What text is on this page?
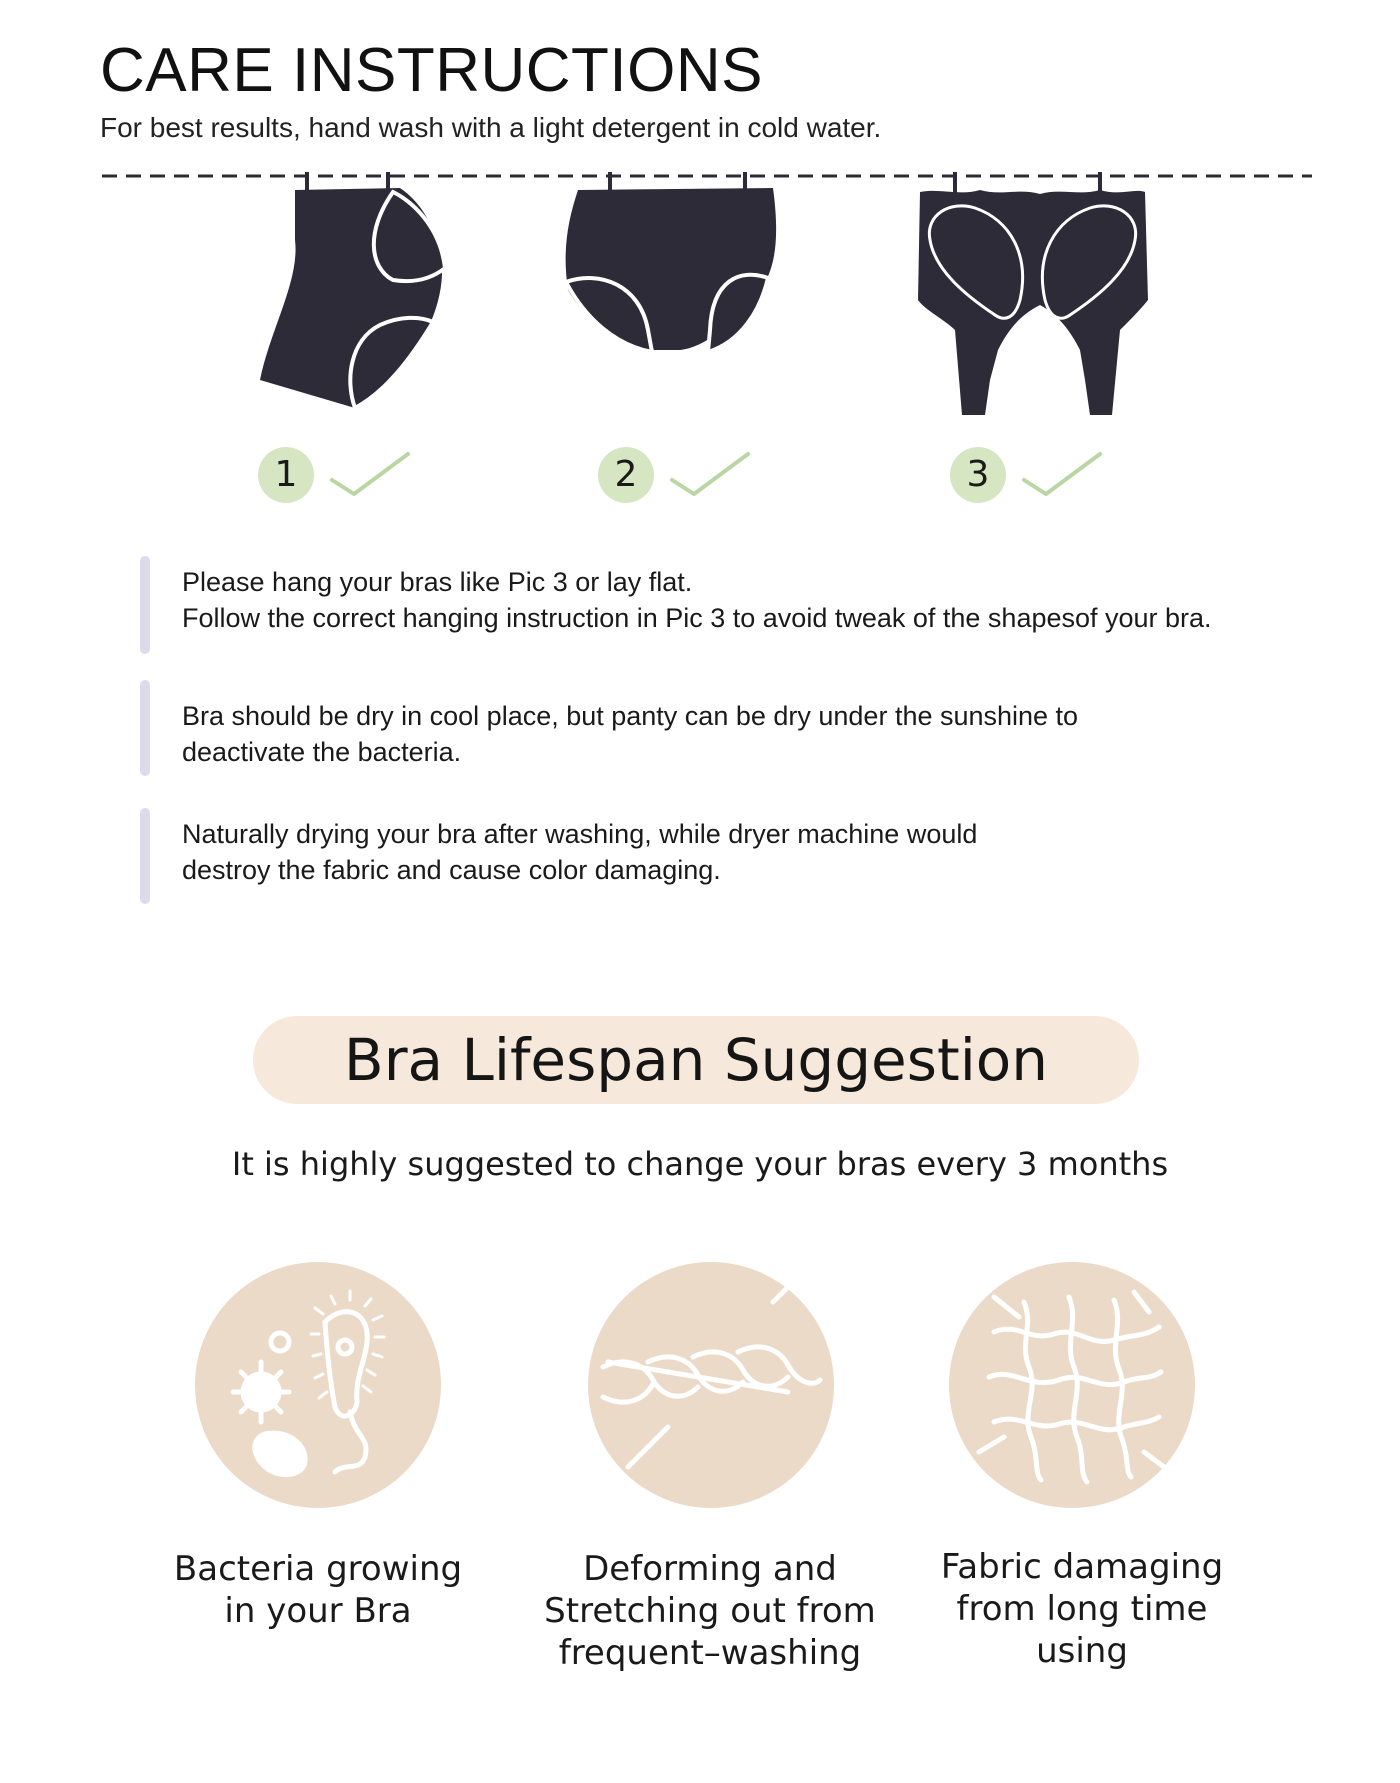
CARE INSTRUCTIONS
For best results, hand wash with a light detergent in cold water.
1	2	3
Please hang your bras like Pic 3 or lay flat.
Follow the correct hanging instruction in Pic 3 to avoid tweak of the shapesof your bra.
Bra should be dry in cool place, but panty can be dry under the sunshine to
deactivate the bacteria.
Naturally drying your bra after washing, while dryer machine would
destroy the fabric and cause color damaging.
Bra Lifespan Suggestion
It is highly suggested to change your bras every 3 months
Bacteria growing
in your Bra
Deforming and
Stretching out from
frequent–washing
Fabric damaging
from long time
using
